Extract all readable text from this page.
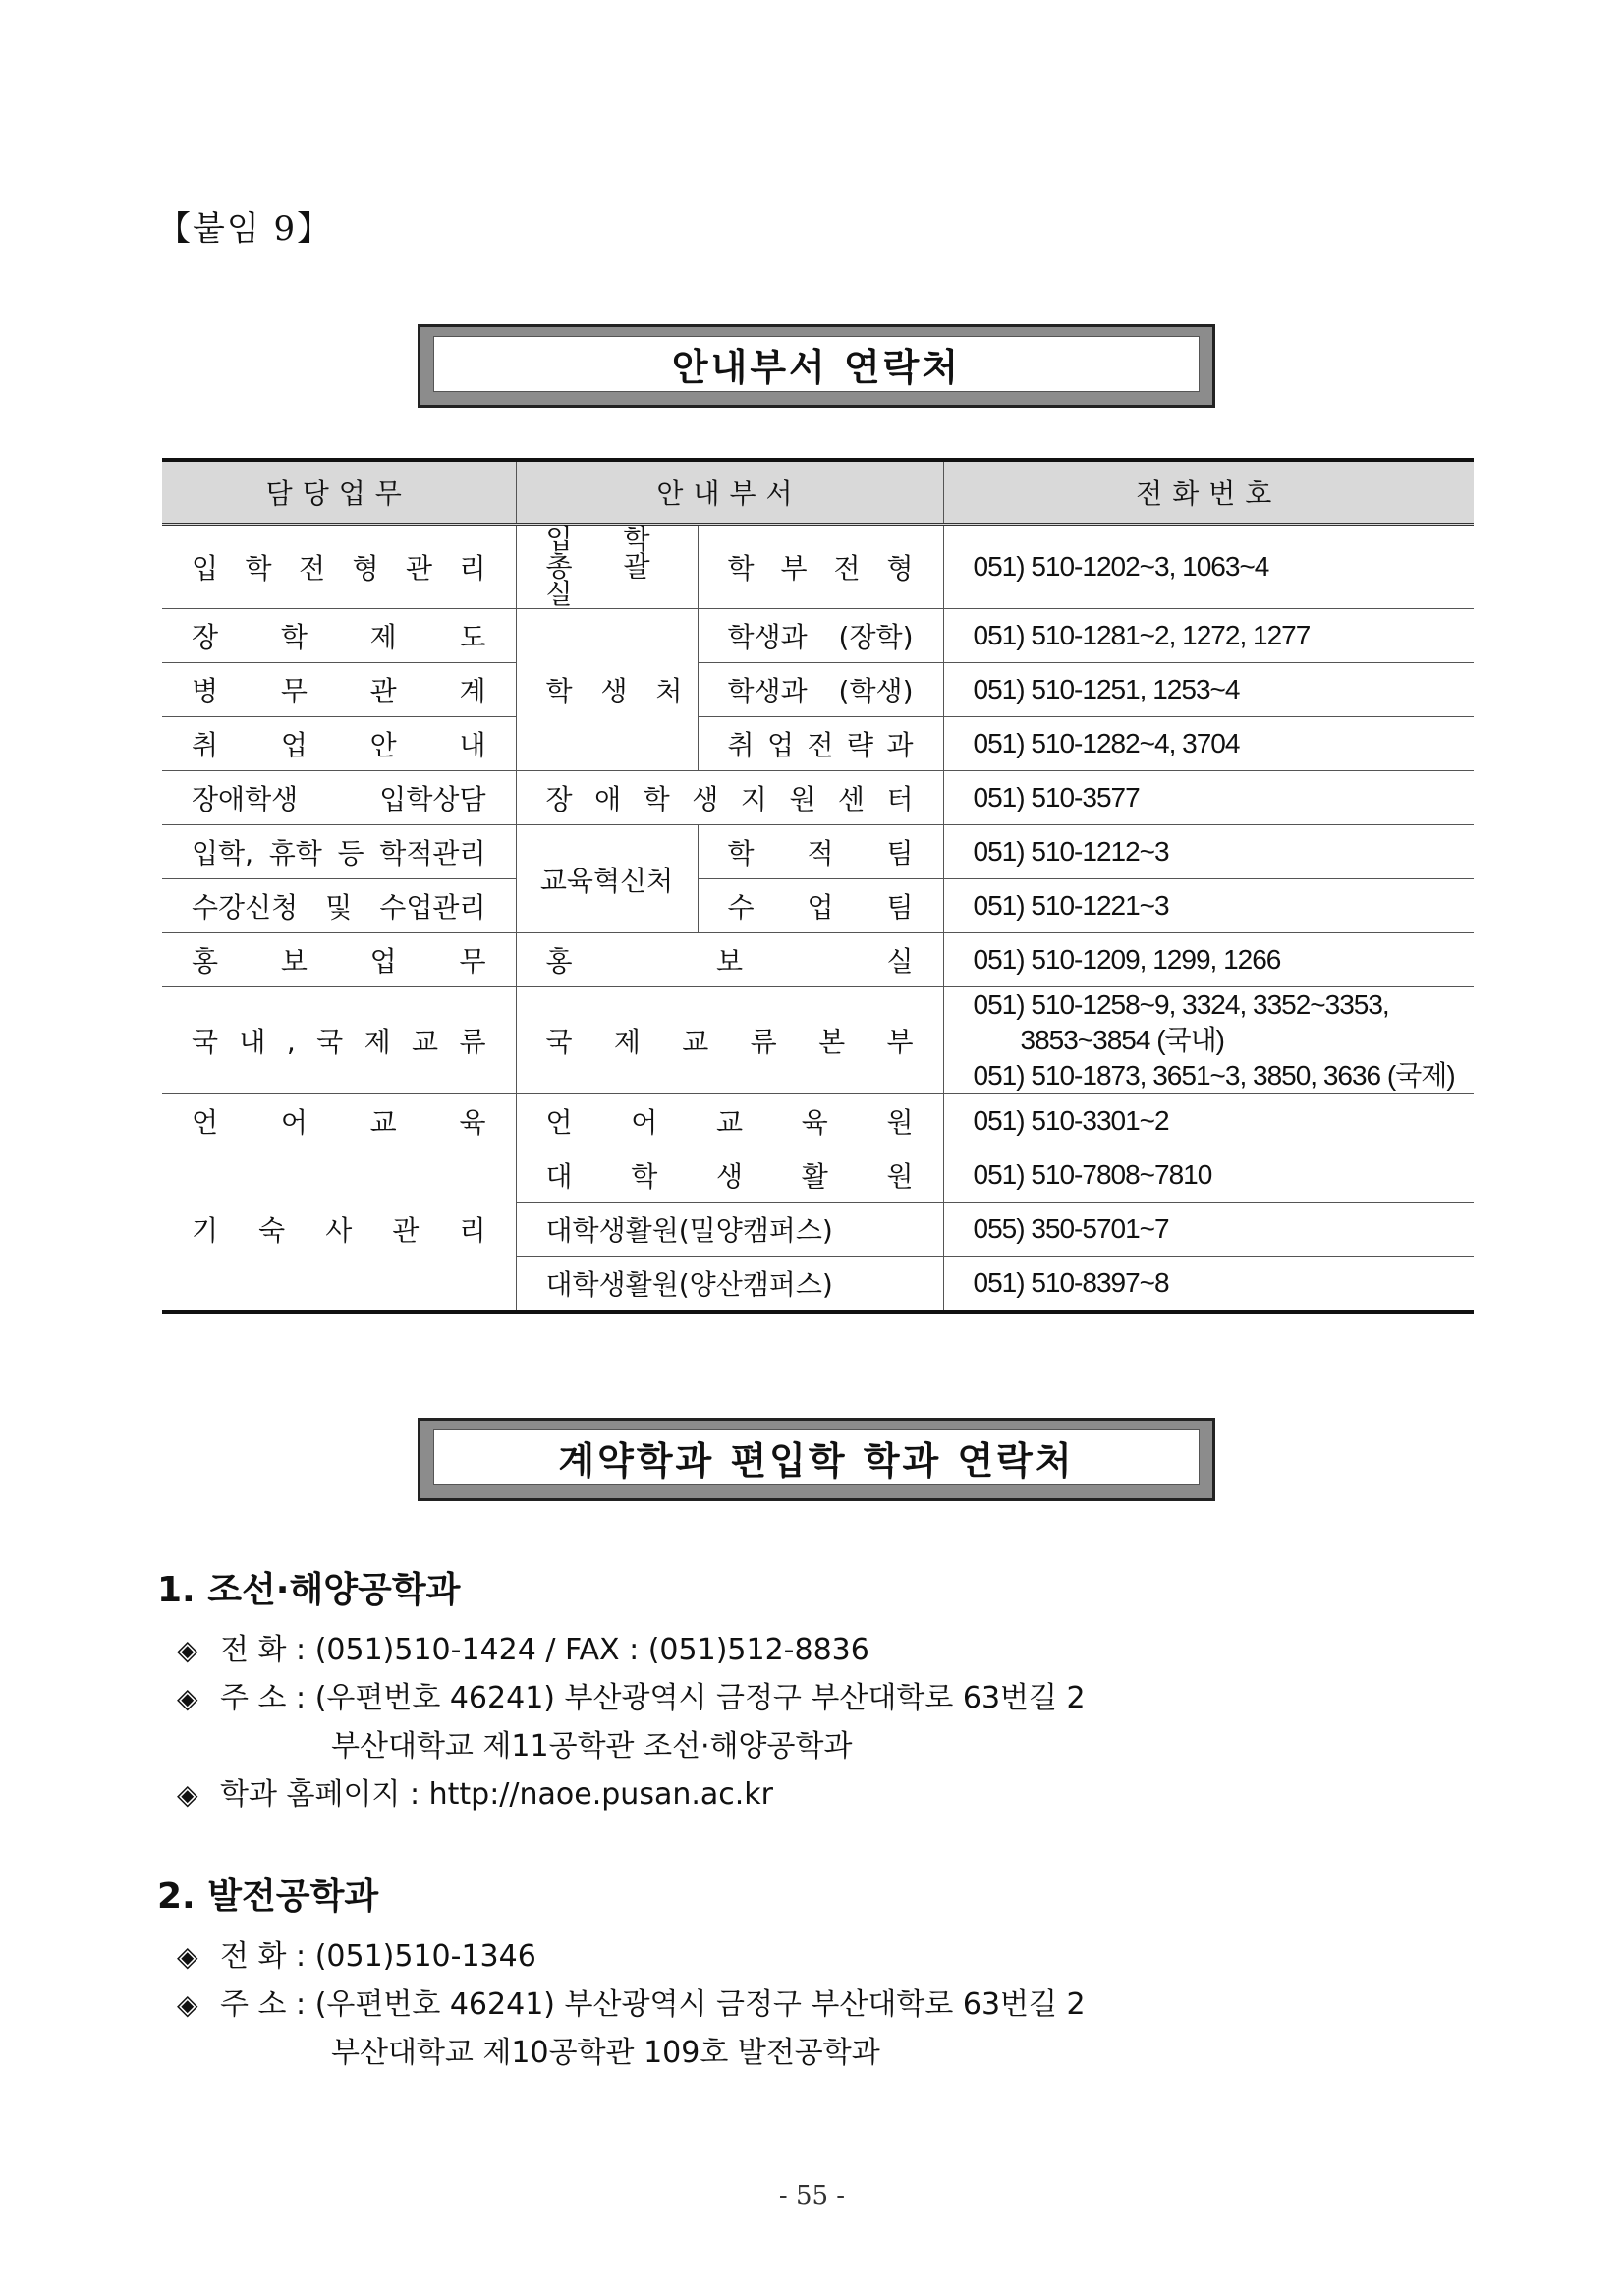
【붙임 9】
안내부서 연락처
담당업무	안내부서		전화번호
입 학 전 형 관 리	입 학 총 괄 실	학 부 전 형	051) 510-1202~3, 1063~4
장 학 제 도	학 생 처	학생과 (장학)	051) 510-1281~2, 1272, 1277
병 무 관 계		학생과 (학생)	051) 510-1251, 1253~4
취 업 안 내		취 업 전 략 과	051) 510-1282~4, 3704
장애학생 입학상담	장 애 학 생 지 원 센 터		051) 510-3577
입학, 휴학 등 학적관리	교육혁신처	학 적 팀	051) 510-1212~3
수강신청 및 수업관리		수 업 팀	051) 510-1221~3
홍 보 업 무	홍 보 실		051) 510-1209, 1299, 1266
국 내 , 국 제 교 류	국 제 교 류 본 부		051) 510-1258~9, 3324, 3352~3353,
3853~3854 (국내)
051) 510-1873, 3651~3, 3850, 3636 (국제)

언 어 교 육	언 어 교 육 원		051) 510-3301~2
기 숙 사 관 리	대 학 생 활 원		051) 510-7808~7810
	대학생활원(밀양캠퍼스)		055) 350-5701~7
	대학생활원(양산캠퍼스)		051) 510-8397~8
계약학과 편입학 학과 연락처
1. 조선·해양공학과
◈ 전 화 : (051)510-1424 / FAX : (051)512-8836
◈ 주 소 : (우편번호 46241) 부산광역시 금정구 부산대학로 63번길 2
부산대학교 제11공학관 조선·해양공학과
◈ 학과 홈페이지 : http://naoe.pusan.ac.kr
2. 발전공학과
◈ 전 화 : (051)510-1346
◈ 주 소 : (우편번호 46241) 부산광역시 금정구 부산대학로 63번길 2
부산대학교 제10공학관 109호 발전공학과
- 55 -
